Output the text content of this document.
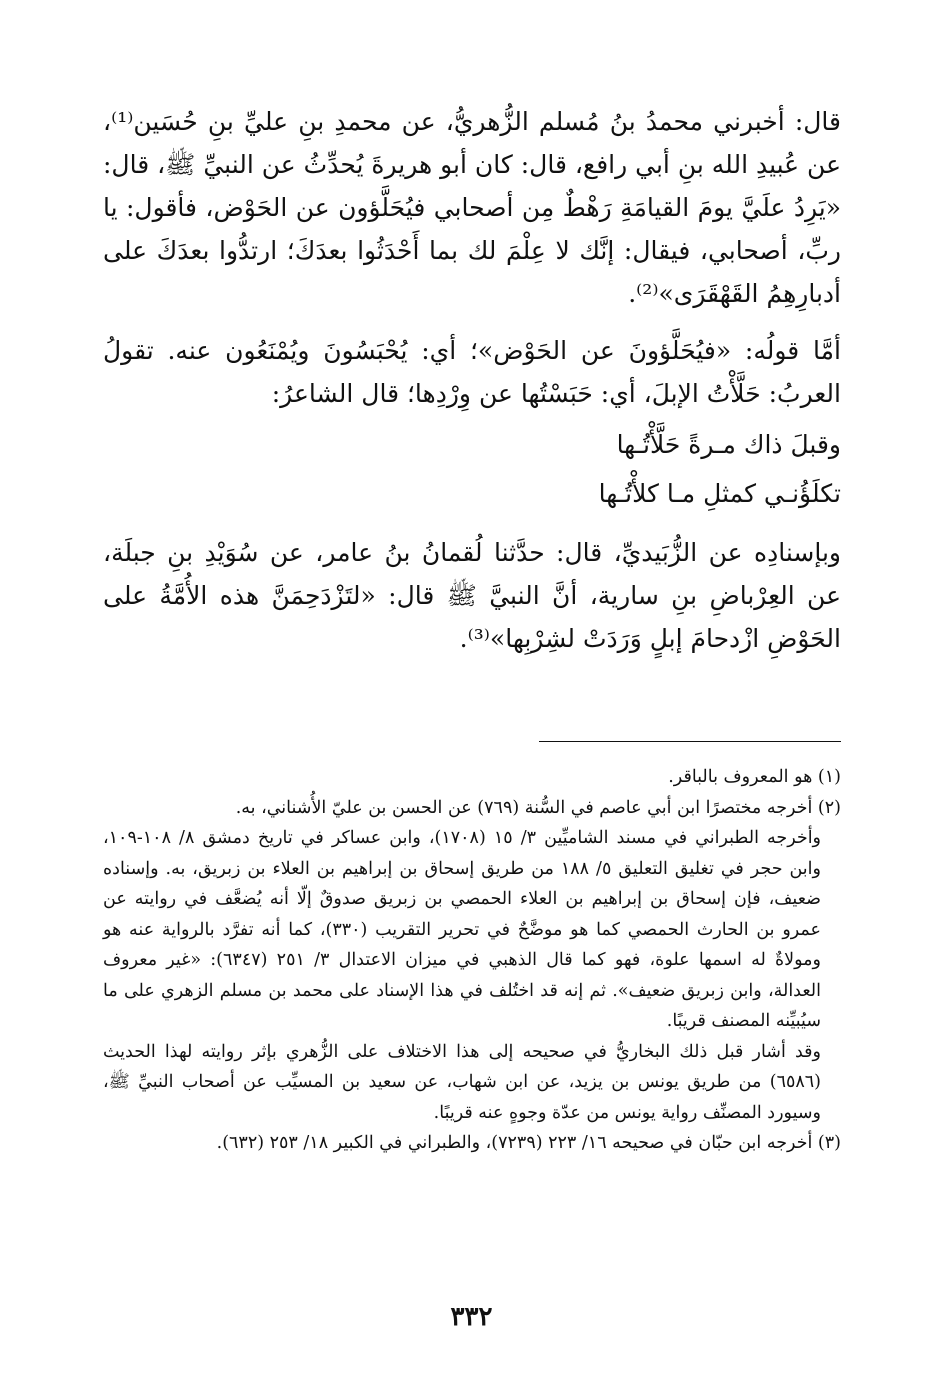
قال: أخبرني محمدُ بنُ مُسلم الزُّهريُّ، عن محمدِ بنِ عليِّ بنِ حُسَين⁽¹⁾، عن عُبيدِ الله بنِ أبي رافع، قال: كان أبو هريرةَ يُحدِّثُ عن النبيِّ ﷺ، قال: «يَرِدُ علَيَّ يومَ القيامَةِ رَهْطٌ مِن أصحابي فيُحَلَّؤون عن الحَوْض، فأقول: يا ربِّ، أصحابي، فيقال: إنَّك لا عِلْمَ لك بما أَحْدَثُوا بعدَكَ؛ ارتدُّوا بعدَكَ على أدبارِهِمُ القَهْقَرَى»⁽²⁾.

أمَّا قولُه: «فيُحَلَّؤونَ عن الحَوْض»؛ أي: يُحْبَسُونَ ويُمْنَعُون عنه. تقولُ العربُ: حَلَّأْتُ الإبلَ، أي: حَبَسْتُها عن وِرْدِها؛ قال الشاعرُ:

وقبلَ ذاك مـرةً حَلَّأْتُـها
تكلَؤُنـي كمثلِ مـا كلأْتُـها

وبإسنادِه عن الزُّبَيديِّ، قال: حدَّثنا لُقمانُ بنُ عامر، عن سُوَيْدِ بنِ جبلَة، عن العِرْباضِ بنِ سارية، أنَّ النبيَّ ﷺ قال: «لتَزْدَحِمَنَّ هذه الأُمَّةُ على الحَوْضِ ازْدحامَ إبلٍ وَرَدَتْ لشِرْبِها»⁽³⁾.

(١) هو المعروف بالباقر.

(٢) أخرجه مختصرًا ابن أبي عاصم في السُّنة (٧٦٩) عن الحسن بن عليّ الأُشناني، به.

وأخرجه الطبراني في مسند الشاميِّين ٣/ ١٥ (١٧٠٨)، وابن عساكر في تاريخ دمشق ٨/ ١٠٨-١٠٩، وابن حجر في تغليق التعليق ٥/ ١٨٨ من طريق إسحاق بن إبراهيم بن العلاء بن زبريق، به. وإسناده ضعيف، فإن إسحاق بن إبراهيم بن العلاء الحمصي بن زبريق صدوقٌ إلّا أنه يُضعَّف في روايته عن عمرو بن الحارث الحمصي كما هو موضَّحٌ في تحرير التقريب (٣٣٠)، كما أنه تفرَّد بالرواية عنه هو ومولاةٌ له اسمها علوة، فهو كما قال الذهبي في ميزان الاعتدال ٣/ ٢٥١ (٦٣٤٧): «غير معروف العدالة، وابن زبريق ضعيف». ثم إنه قد اختُلف في هذا الإسناد على محمد بن مسلم الزهري على ما سيُبيِّنه المصنف قريبًا.

وقد أشار قبل ذلك البخاريُّ في صحيحه إلى هذا الاختلاف على الزُّهري بإثر روايته لهذا الحديث (٦٥٨٦) من طريق يونس بن يزيد، عن ابن شهاب، عن سعيد بن المسيِّب عن أصحاب النبيِّ ﷺ، وسيورد المصنِّف رواية يونس من عدّة وجوهٍ عنه قريبًا.

(٣) أخرجه ابن حبّان في صحيحه ١٦/ ٢٢٣ (٧٢٣٩)، والطبراني في الكبير ١٨/ ٢٥٣ (٦٣٢).

٣٣٢
